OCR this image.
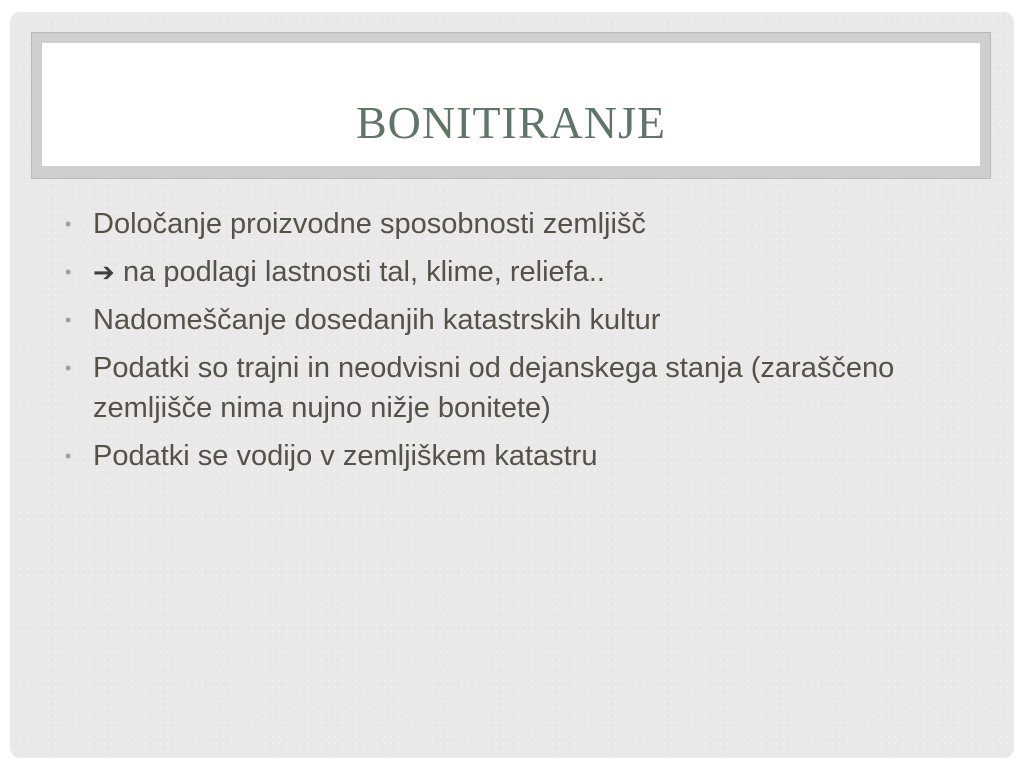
BONITIRANJE
• Določanje proizvodne sposobnosti zemljišč
• ➔ na podlagi lastnosti tal, klime, reliefa..
• Nadomeščanje dosedanjih katastrskih kultur
• Podatki so trajni in neodvisni od dejanskega stanja (zaraščeno zemljišče nima nujno nižje bonitete)
• Podatki se vodijo v zemljiškem katastru
